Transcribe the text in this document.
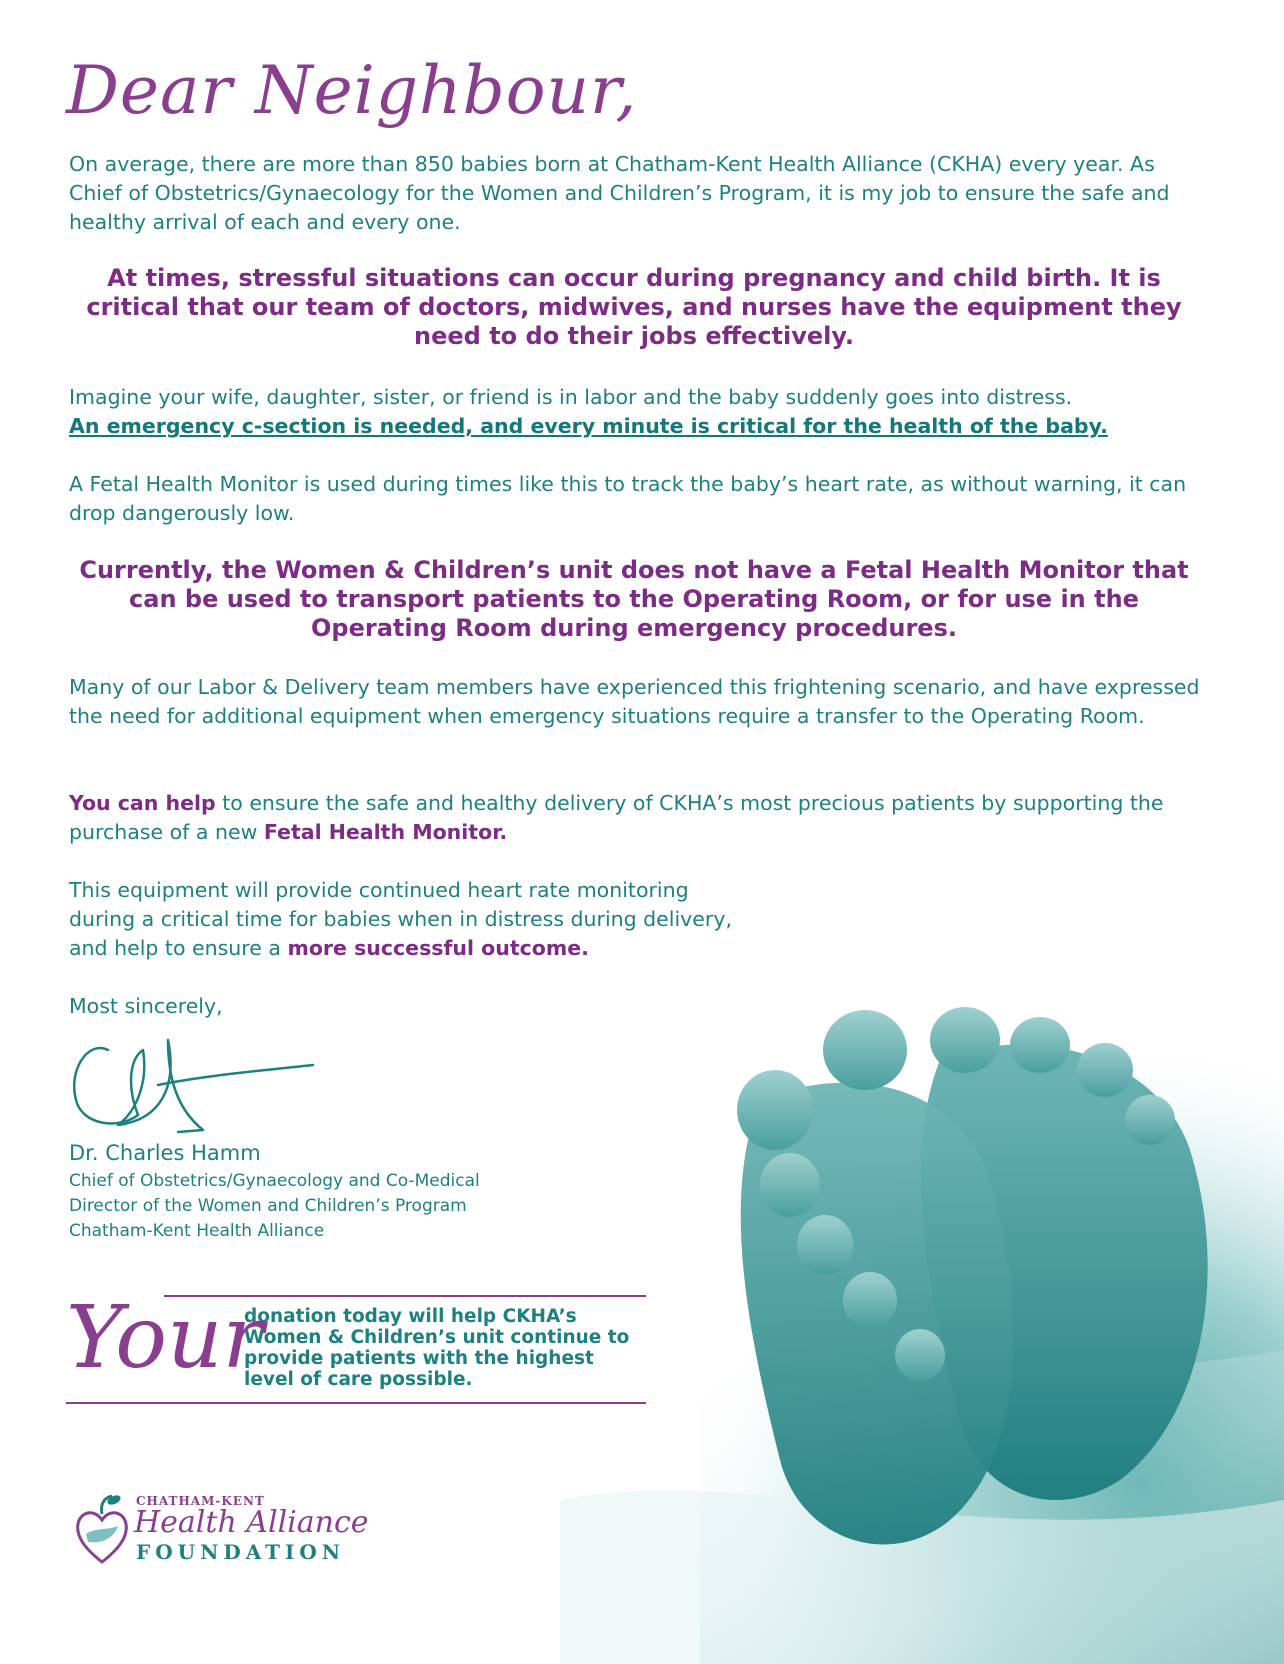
Dear Neighbour,

On average, there are more than 850 babies born at Chatham-Kent Health Alliance (CKHA) every year. As Chief of Obstetrics/Gynaecology for the Women and Children’s Program, it is my job to ensure the safe and healthy arrival of each and every one.

At times, stressful situations can occur during pregnancy and child birth. It is critical that our team of doctors, midwives, and nurses have the equipment they need to do their jobs effectively.

Imagine your wife, daughter, sister, or friend is in labor and the baby suddenly goes into distress.
An emergency c-section is needed, and every minute is critical for the health of the baby.

A Fetal Health Monitor is used during times like this to track the baby’s heart rate, as without warning, it can drop dangerously low.

Currently, the Women & Children’s unit does not have a Fetal Health Monitor that can be used to transport patients to the Operating Room, or for use in the Operating Room during emergency procedures.

Many of our Labor & Delivery team members have experienced this frightening scenario, and have expressed the need for additional equipment when emergency situations require a transfer to the Operating Room.

You can help to ensure the safe and healthy delivery of CKHA’s most precious patients by supporting the purchase of a new Fetal Health Monitor.

This equipment will provide continued heart rate monitoring during a critical time for babies when in distress during delivery, and help to ensure a more successful outcome.

Most sincerely,

Dr. Charles Hamm
Chief of Obstetrics/Gynaecology and Co-Medical
Director of the Women and Children’s Program
Chatham-Kent Health Alliance
Your
donation today will help CKHA’s Women & Children’s unit continue to provide patients with the highest level of care possible.
CHATHAM-KENT
Health Alliance
FOUNDATION
